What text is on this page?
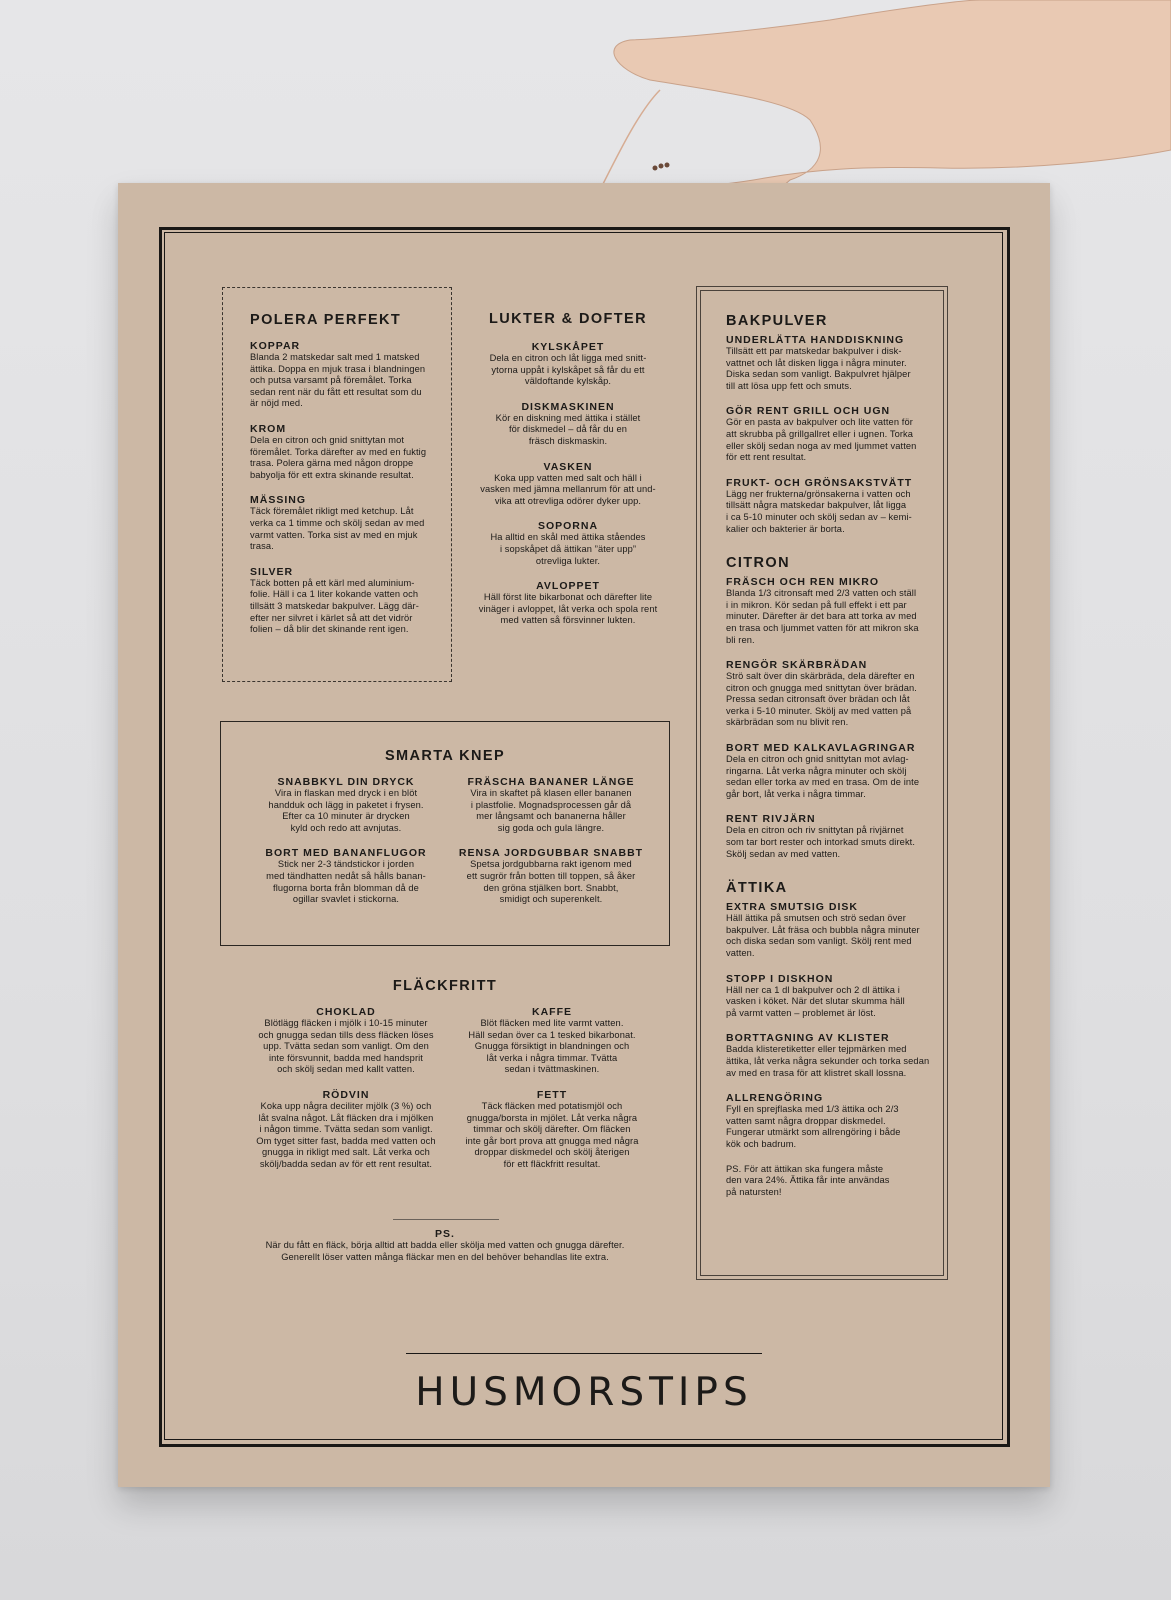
POLERA PERFEKT
KOPPAR
Blanda 2 matskedar salt med 1 matsked
ättika. Doppa en mjuk trasa i blandningen
och putsa varsamt på föremålet. Torka
sedan rent när du fått ett resultat som du
är nöjd med.
KROM
Dela en citron och gnid snittytan mot
föremålet. Torka därefter av med en fuktig
trasa. Polera gärna med någon droppe
babyolja för ett extra skinande resultat.
MÄSSING
Täck föremålet rikligt med ketchup. Låt
verka ca 1 timme och skölj sedan av med
varmt vatten. Torka sist av med en mjuk
trasa.
SILVER
Täck botten på ett kärl med aluminium-
folie. Häll i ca 1 liter kokande vatten och
tillsätt 3 matskedar bakpulver. Lägg där-
efter ner silvret i kärlet så att det vidrör
folien – då blir det skinande rent igen.
LUKTER & DOFTER
KYLSKÅPET
Dela en citron och låt ligga med snitt-
ytorna uppåt i kylskåpet så får du ett
väldoftande kylskåp.
DISKMASKINEN
Kör en diskning med ättika i stället
för diskmedel – då får du en
fräsch diskmaskin.
VASKEN
Koka upp vatten med salt och häll i
vasken med jämna mellanrum för att und-
vika att otrevliga odörer dyker upp.
SOPORNA
Ha alltid en skål med ättika ståendes
i sopskåpet då ättikan ”äter upp”
otrevliga lukter.
AVLOPPET
Häll först lite bikarbonat och därefter lite
vinäger i avloppet, låt verka och spola rent
med vatten så försvinner lukten.
SMARTA KNEP
SNABBKYL DIN DRYCK
Vira in flaskan med dryck i en blöt
handduk och lägg in paketet i frysen.
Efter ca 10 minuter är drycken
kyld och redo att avnjutas.
BORT MED BANANFLUGOR
Stick ner 2-3 tändstickor i jorden
med tändhatten nedåt så hålls banan-
flugorna borta från blomman då de
ogillar svavlet i stickorna.
FRÄSCHA BANANER LÄNGE
Vira in skaftet på klasen eller bananen
i plastfolie. Mognadsprocessen går då
mer långsamt och bananerna håller
sig goda och gula längre.
RENSA JORDGUBBAR SNABBT
Spetsa jordgubbarna rakt igenom med
ett sugrör från botten till toppen, så åker
den gröna stjälken bort. Snabbt,
smidigt och superenkelt.
FLÄCKFRITT
CHOKLAD
Blötlägg fläcken i mjölk i 10-15 minuter
och gnugga sedan tills dess fläcken löses
upp. Tvätta sedan som vanligt. Om den
inte försvunnit, badda med handsprit
och skölj sedan med kallt vatten.
RÖDVIN
Koka upp några deciliter mjölk (3 %) och
låt svalna något. Låt fläcken dra i mjölken
i någon timme. Tvätta sedan som vanligt.
Om tyget sitter fast, badda med vatten och
gnugga in rikligt med salt. Låt verka och
skölj/badda sedan av för ett rent resultat.
KAFFE
Blöt fläcken med lite varmt vatten.
Häll sedan över ca 1 tesked bikarbonat.
Gnugga försiktigt in blandningen och
låt verka i några timmar. Tvätta
sedan i tvättmaskinen.
FETT
Täck fläcken med potatismjöl och
gnugga/borsta in mjölet. Låt verka några
timmar och skölj därefter. Om fläcken
inte går bort prova att gnugga med några
droppar diskmedel och skölj återigen
för ett fläckfritt resultat.
PS.
När du fått en fläck, börja alltid att badda eller skölja med vatten och gnugga därefter.
Generellt löser vatten många fläckar men en del behöver behandlas lite extra.
BAKPULVER
UNDERLÄTTA HANDDISKNING
Tillsätt ett par matskedar bakpulver i disk-
vattnet och låt disken ligga i några minuter.
Diska sedan som vanligt. Bakpulvret hjälper
till att lösa upp fett och smuts.
GÖR RENT GRILL OCH UGN
Gör en pasta av bakpulver och lite vatten för
att skrubba på grillgallret eller i ugnen. Torka
eller skölj sedan noga av med ljummet vatten
för ett rent resultat.
FRUKT- OCH GRÖNSAKSTVÄTT
Lägg ner frukterna/grönsakerna i vatten och
tillsätt några matskedar bakpulver, låt ligga
i ca 5-10 minuter och skölj sedan av – kemi-
kalier och bakterier är borta.
CITRON
FRÄSCH OCH REN MIKRO
Blanda 1/3 citronsaft med 2/3 vatten och ställ
i in mikron. Kör sedan på full effekt i ett par
minuter. Därefter är det bara att torka av med
en trasa och ljummet vatten för att mikron ska
bli ren.
RENGÖR SKÄRBRÄDAN
Strö salt över din skärbräda, dela därefter en
citron och gnugga med snittytan över brädan.
Pressa sedan citronsaft över brädan och låt
verka i 5-10 minuter. Skölj av med vatten på
skärbrädan som nu blivit ren.
BORT MED KALKAVLAGRINGAR
Dela en citron och gnid snittytan mot avlag-
ringarna. Låt verka några minuter och skölj
sedan eller torka av med en trasa. Om de inte
går bort, låt verka i några timmar.
RENT RIVJÄRN
Dela en citron och riv snittytan på rivjärnet
som tar bort rester och intorkad smuts direkt.
Skölj sedan av med vatten.
ÄTTIKA
EXTRA SMUTSIG DISK
Häll ättika på smutsen och strö sedan över
bakpulver. Låt fräsa och bubbla några minuter
och diska sedan som vanligt. Skölj rent med
vatten.
STOPP I DISKHON
Häll ner ca 1 dl bakpulver och 2 dl ättika i
vasken i köket. När det slutar skumma häll
på varmt vatten – problemet är löst.
BORTTAGNING AV KLISTER
Badda klisteretiketter eller tejpmärken med
ättika, låt verka några sekunder och torka sedan
av med en trasa för att klistret skall lossna.
ALLRENGÖRING
Fyll en sprejflaska med 1/3 ättika och 2/3
vatten samt några droppar diskmedel.
Fungerar utmärkt som allrengöring i både
kök och badrum.
PS. För att ättikan ska fungera måste
den vara 24%. Ättika får inte användas
på natursten!
HUSMORSTIPS
